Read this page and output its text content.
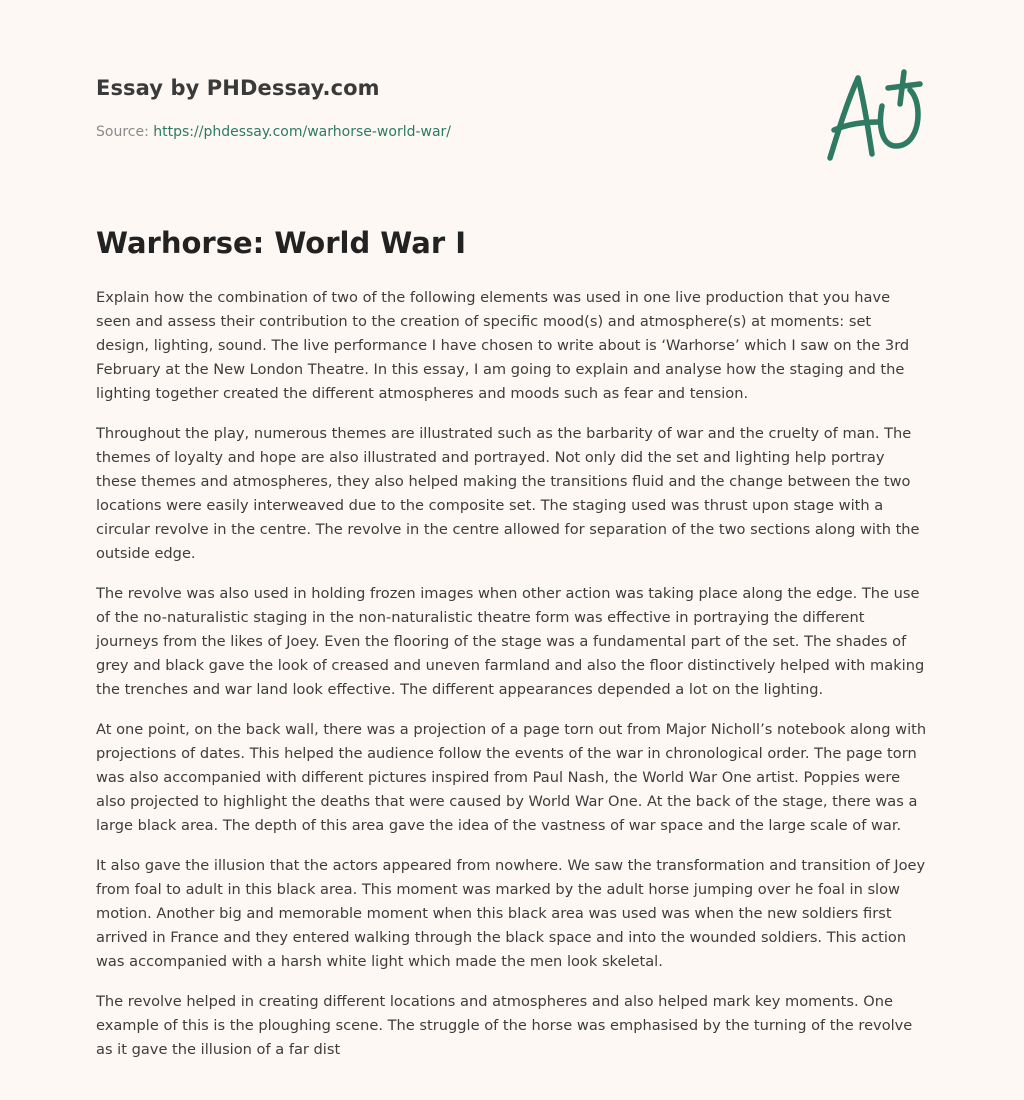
Essay by PHDessay.com
Source: https://phdessay.com/warhorse-world-war/
Warhorse: World War I

Explain how the combination of two of the following elements was used in one live production that you have seen and assess their contribution to the creation of specific mood(s) and atmosphere(s) at moments: set design, lighting, sound. The live performance I have chosen to write about is ‘Warhorse’ which I saw on the 3rd February at the New London Theatre. In this essay, I am going to explain and analyse how the staging and the lighting together created the different atmospheres and moods such as fear and tension.

Throughout the play, numerous themes are illustrated such as the barbarity of war and the cruelty of man. The themes of loyalty and hope are also illustrated and portrayed. Not only did the set and lighting help portray these themes and atmospheres, they also helped making the transitions fluid and the change between the two locations were easily interweaved due to the composite set. The staging used was thrust upon stage with a circular revolve in the centre. The revolve in the centre allowed for separation of the two sections along with the outside edge.

The revolve was also used in holding frozen images when other action was taking place along the edge. The use of the no-naturalistic staging in the non-naturalistic theatre form was effective in portraying the different journeys from the likes of Joey. Even the flooring of the stage was a fundamental part of the set. The shades of grey and black gave the look of creased and uneven farmland and also the floor distinctively helped with making the trenches and war land look effective. The different appearances depended a lot on the lighting.

At one point, on the back wall, there was a projection of a page torn out from Major Nicholl’s notebook along with projections of dates. This helped the audience follow the events of the war in chronological order. The page torn was also accompanied with different pictures inspired from Paul Nash, the World War One artist. Poppies were also projected to highlight the deaths that were caused by World War One. At the back of the stage, there was a large black area. The depth of this area gave the idea of the vastness of war space and the large scale of war.

It also gave the illusion that the actors appeared from nowhere. We saw the transformation and transition of Joey from foal to adult in this black area. This moment was marked by the adult horse jumping over he foal in slow motion. Another big and memorable moment when this black area was used was when the new soldiers first arrived in France and they entered walking through the black space and into the wounded soldiers. This action was accompanied with a harsh white light which made the men look skeletal.

The revolve helped in creating different locations and atmospheres and also helped mark key moments. One example of this is the ploughing scene. The struggle of the horse was emphasised by the turning of the revolve as it gave the illusion of a far dist
